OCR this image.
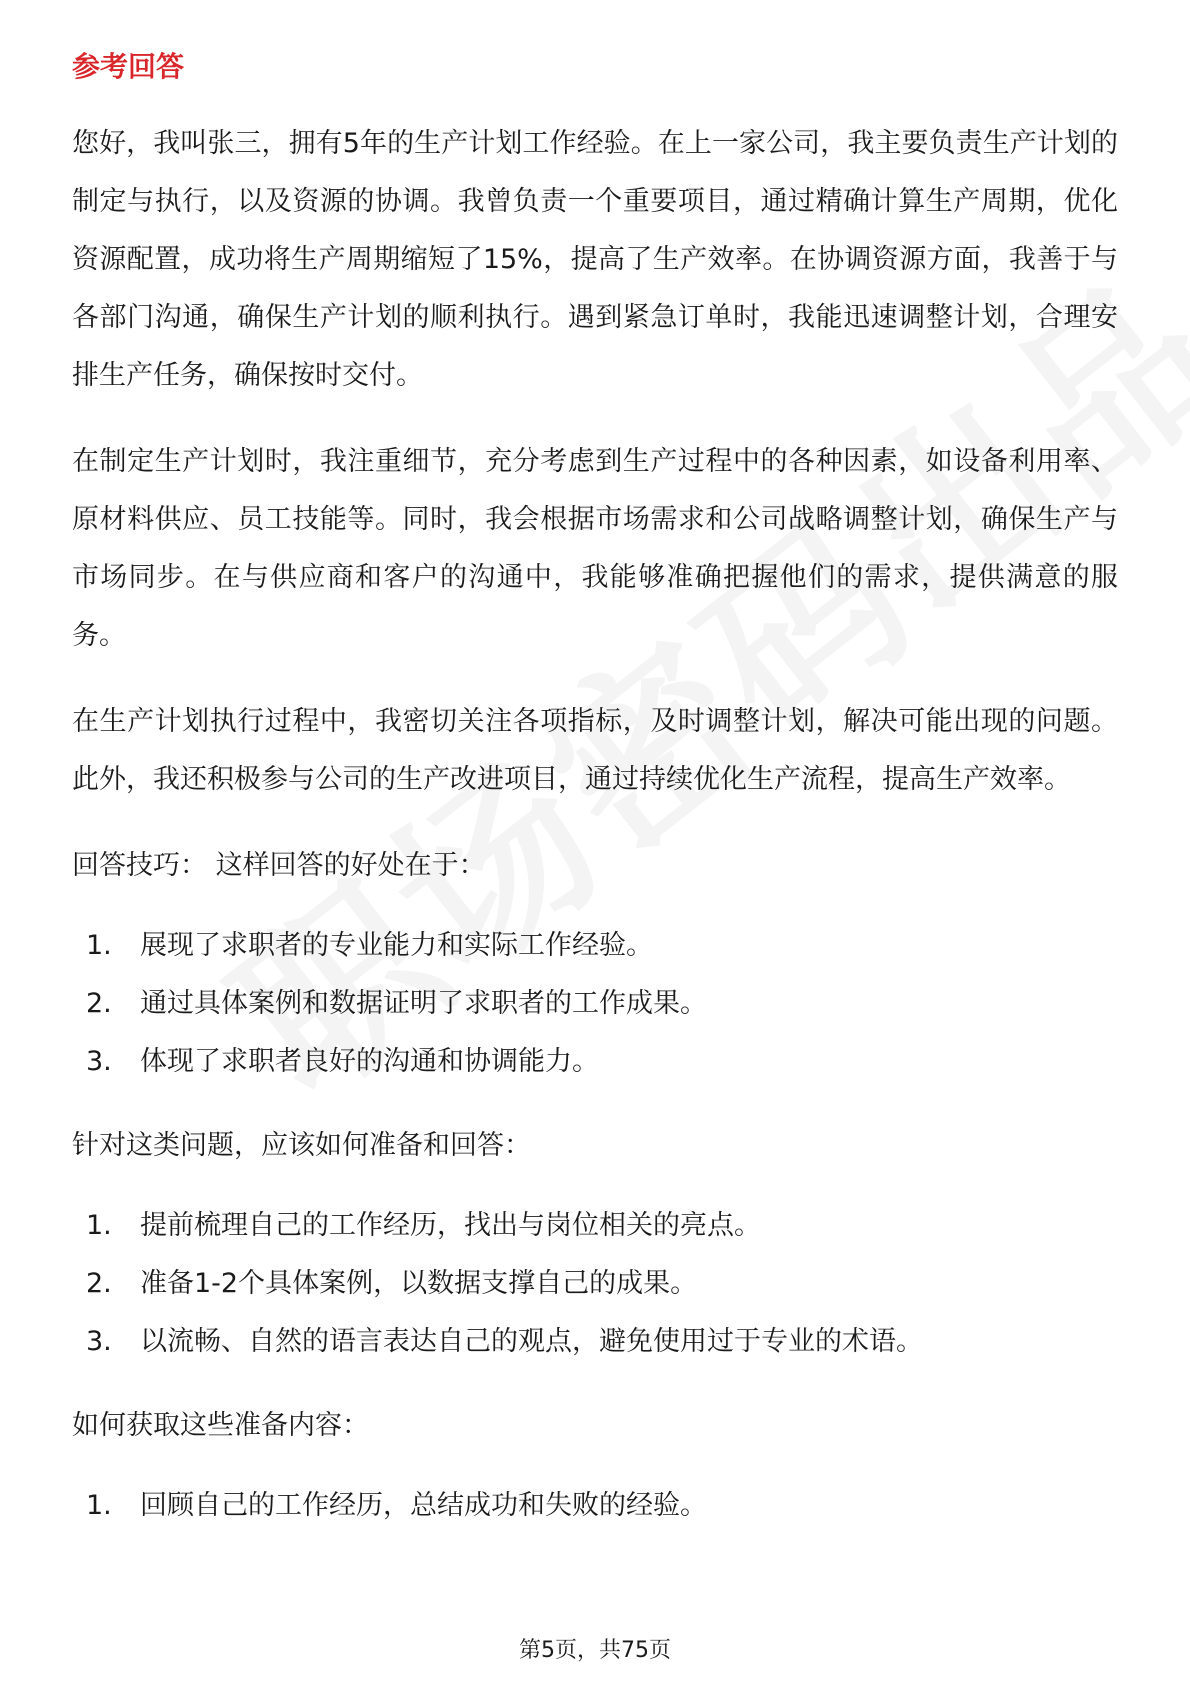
参考回答

您好，我叫张三，拥有5年的生产计划工作经验。在上一家公司，我主要负责生产计划的制定与执行，以及资源的协调。我曾负责一个重要项目，通过精确计算生产周期，优化资源配置，成功将生产周期缩短了15%，提高了生产效率。在协调资源方面，我善于与各部门沟通，确保生产计划的顺利执行。遇到紧急订单时，我能迅速调整计划，合理安排生产任务，确保按时交付。

在制定生产计划时，我注重细节，充分考虑到生产过程中的各种因素，如设备利用率、原材料供应、员工技能等。同时，我会根据市场需求和公司战略调整计划，确保生产与市场同步。在与供应商和客户的沟通中，我能够准确把握他们的需求，提供满意的服务。

在生产计划执行过程中，我密切关注各项指标，及时调整计划，解决可能出现的问题。此外，我还积极参与公司的生产改进项目，通过持续优化生产流程，提高生产效率。

回答技巧： 这样回答的好处在于：

1.	展现了求职者的专业能力和实际工作经验。
2.	通过具体案例和数据证明了求职者的工作成果。
3.	体现了求职者良好的沟通和协调能力。

针对这类问题，应该如何准备和回答：

1.	提前梳理自己的工作经历，找出与岗位相关的亮点。
2.	准备1-2个具体案例，以数据支撑自己的成果。
3.	以流畅、自然的语言表达自己的观点，避免使用过于专业的术语。

如何获取这些准备内容：

1.	回顾自己的工作经历，总结成功和失败的经验。
第5页，共75页
